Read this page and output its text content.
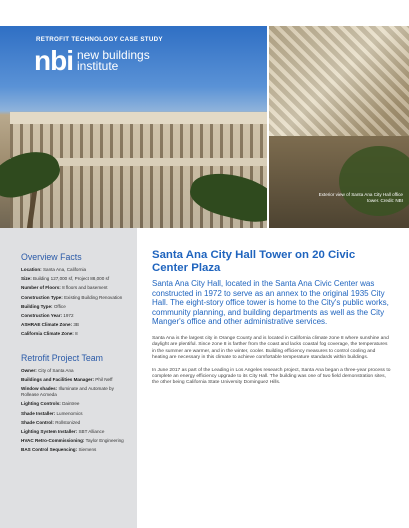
RETROFIT TECHNOLOGY CASE STUDY
nbi new buildings
institute
Exterior view of Santa Ana City Hall office tower. Credit: NBI
Overview Facts
Location: Santa Ana, California
Size: Building 127,000 sf, Project 88,000 sf
Number of Floors: 8 floors and basement
Construction Type: Existing Building Renovation
Building Type: Office
Construction Year: 1972
ASHRAE Climate Zone: 3B
California Climate Zone: 8
Retrofit Project Team
Owner: City of Santa Ana
Buildings and Facilities Manager: Phil Neff
Window shades: Illuminate and Automate by Rollease Acmeda
Lighting Controls: Daintree
Shade Installer: Lumenomics
Shade Control: Rollstonized
Lighting System Installer: SBT Alliance
HVAC Retro-Commissioning: Taylor Engineering
BAS Control Sequencing: Siemens
Santa Ana City Hall Tower on 20 Civic Center Plaza
Santa Ana City Hall, located in the Santa Ana Civic Center was constructed in 1972 to serve as an annex to the original 1935 City Hall. The eight-story office tower is home to the City's public works, community planning, and building departments as well as the City Manger's office and other administrative services.
Santa Ana is the largest city in Orange County and is located in California climate zone 8 where sunshine and daylight are plentiful. Since zone 8 is farther from the coast and lacks coastal fog coverage, the temperatures in the summer are warmer, and in the winter, cooler. Building efficiency measures to control cooling and heating are necessary in this climate to achieve comfortable temperature standards within buildings.
In June 2017 as part of the Leading in Los Angeles research project, Santa Ana began a three-year process to complete an energy efficiency upgrade to its City Hall. The building was one of two field demonstration sites, the other being California State University Dominguez Hills.
